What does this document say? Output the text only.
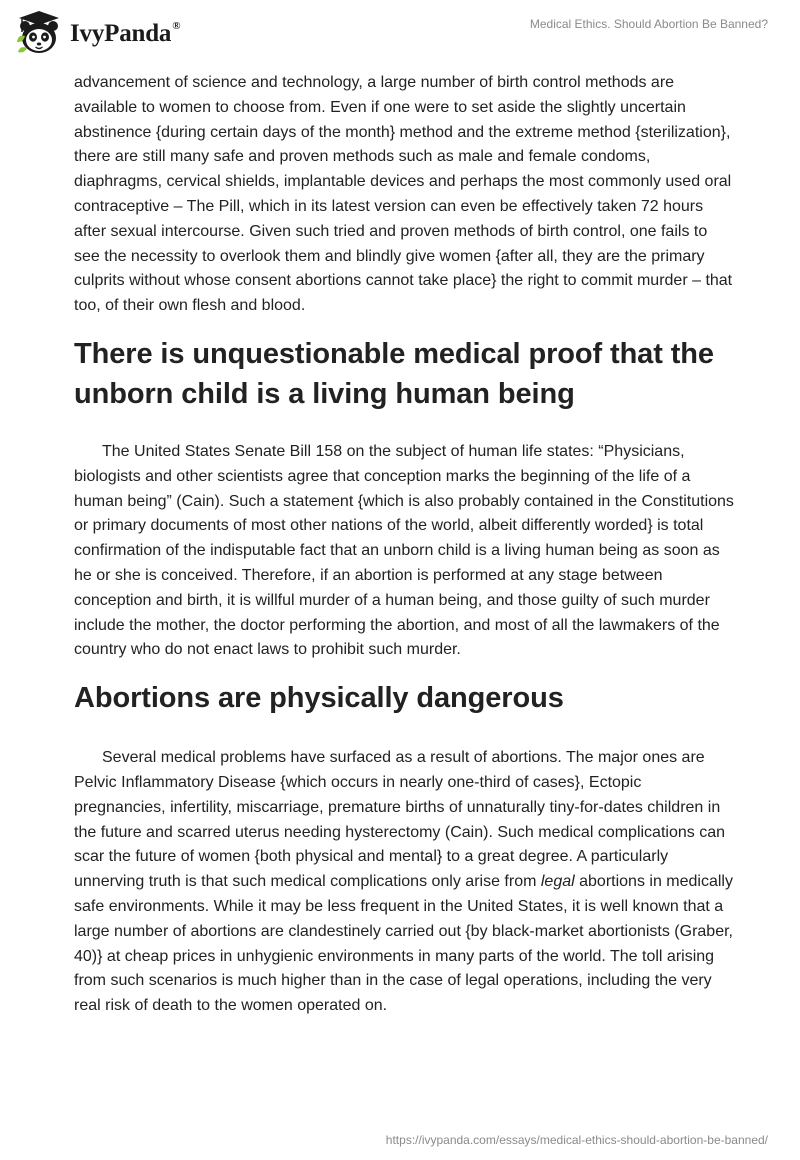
IvyPanda®	Medical Ethics. Should Abortion Be Banned?

advancement of science and technology, a large number of birth control methods are available to women to choose from. Even if one were to set aside the slightly uncertain abstinence {during certain days of the month} method and the extreme method {sterilization}, there are still many safe and proven methods such as male and female condoms, diaphragms, cervical shields, implantable devices and perhaps the most commonly used oral contraceptive – The Pill, which in its latest version can even be effectively taken 72 hours after sexual intercourse. Given such tried and proven methods of birth control, one fails to see the necessity to overlook them and blindly give women {after all, they are the primary culprits without whose consent abortions cannot take place} the right to commit murder – that too, of their own flesh and blood.

There is unquestionable medical proof that the unborn child is a living human being

The United States Senate Bill 158 on the subject of human life states: “Physicians, biologists and other scientists agree that conception marks the beginning of the life of a human being” (Cain). Such a statement {which is also probably contained in the Constitutions or primary documents of most other nations of the world, albeit differently worded} is total confirmation of the indisputable fact that an unborn child is a living human being as soon as he or she is conceived. Therefore, if an abortion is performed at any stage between conception and birth, it is willful murder of a human being, and those guilty of such murder include the mother, the doctor performing the abortion, and most of all the lawmakers of the country who do not enact laws to prohibit such murder.

Abortions are physically dangerous

Several medical problems have surfaced as a result of abortions. The major ones are Pelvic Inflammatory Disease {which occurs in nearly one-third of cases}, Ectopic pregnancies, infertility, miscarriage, premature births of unnaturally tiny-for-dates children in the future and scarred uterus needing hysterectomy (Cain). Such medical complications can scar the future of women {both physical and mental} to a great degree. A particularly unnerving truth is that such medical complications only arise from legal abortions in medically safe environments. While it may be less frequent in the United States, it is well known that a large number of abortions are clandestinely carried out {by black-market abortionists (Graber, 40)} at cheap prices in unhygienic environments in many parts of the world. The toll arising from such scenarios is much higher than in the case of legal operations, including the very real risk of death to the women operated on.

https://ivypanda.com/essays/medical-ethics-should-abortion-be-banned/
